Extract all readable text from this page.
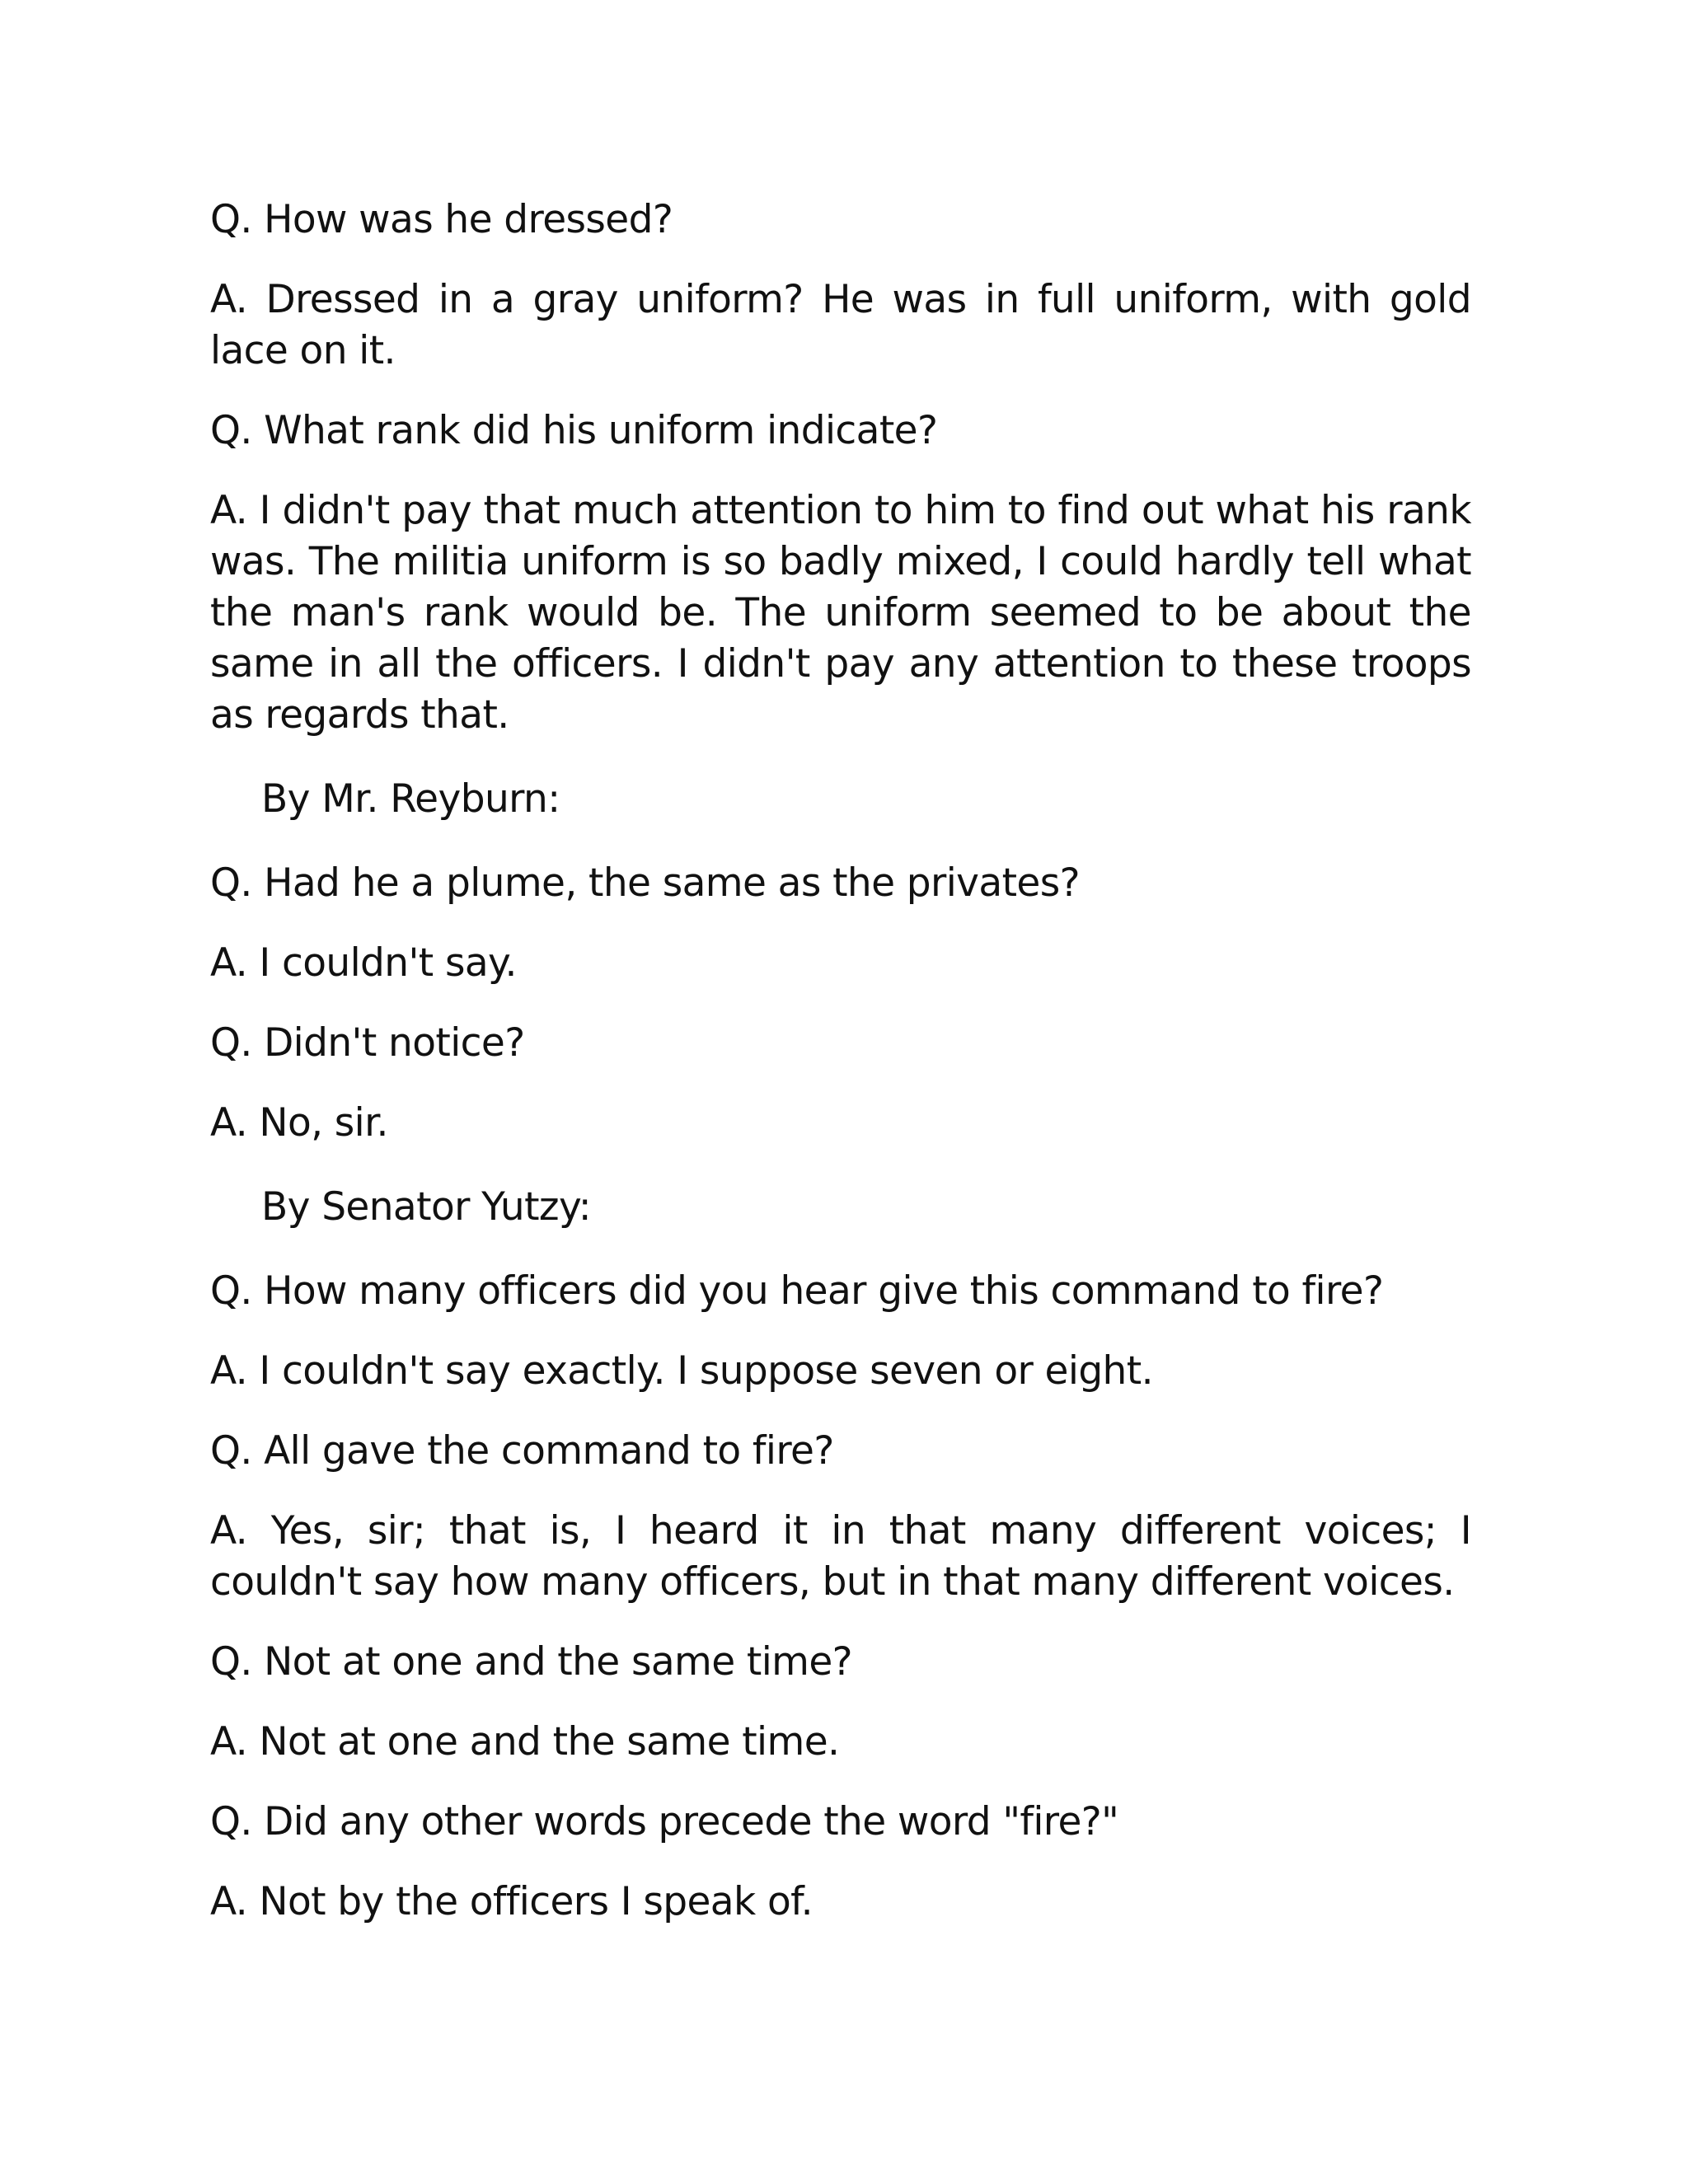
Q. How was he dressed?

A. Dressed in a gray uniform? He was in full uniform, with gold lace on it.

Q. What rank did his uniform indicate?

A. I didn't pay that much attention to him to find out what his rank was. The militia uniform is so badly mixed, I could hardly tell what the man's rank would be. The uniform seemed to be about the same in all the officers. I didn't pay any attention to these troops as regards that.

By Mr. Reyburn:

Q. Had he a plume, the same as the privates?

A. I couldn't say.

Q. Didn't notice?

A. No, sir.

By Senator Yutzy:

Q. How many officers did you hear give this command to fire?

A. I couldn't say exactly. I suppose seven or eight.

Q. All gave the command to fire?

A. Yes, sir; that is, I heard it in that many different voices; I couldn't say how many officers, but in that many different voices.

Q. Not at one and the same time?

A. Not at one and the same time.

Q. Did any other words precede the word "fire?"

A. Not by the officers I speak of.
